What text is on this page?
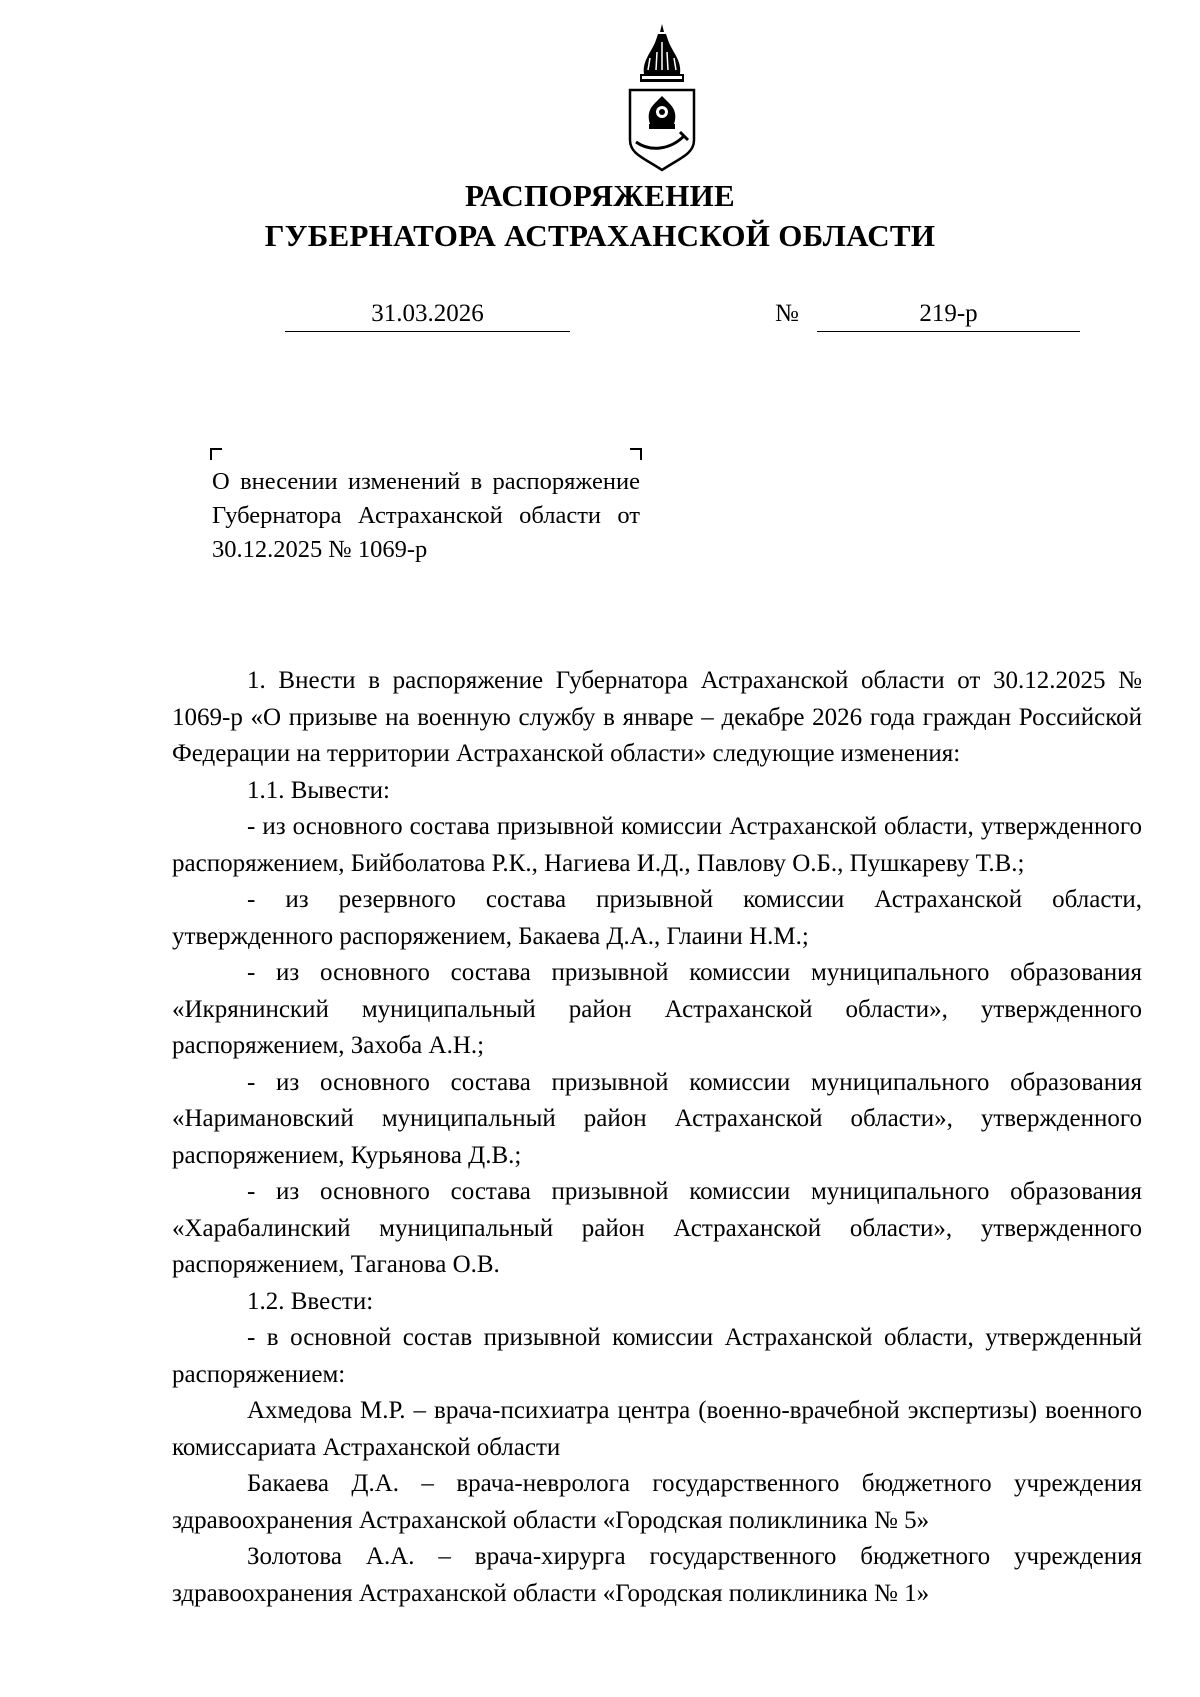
РАСПОРЯЖЕНИЕ
ГУБЕРНАТОРА АСТРАХАНСКОЙ ОБЛАСТИ
31.03.2026	№	219-р
О внесении изменений в распоряжение Губернатора Астраханской области от 30.12.2025 № 1069-р

1. Внести в распоряжение Губернатора Астраханской области от 30.12.2025 № 1069-р «О призыве на военную службу в январе – декабре 2026 года граждан Российской Федерации на территории Астраханской области» следующие изменения:

1.1. Вывести:

- из основного состава призывной комиссии Астраханской области, утвержденного распоряжением, Бийболатова Р.К., Нагиева И.Д., Павлову О.Б., Пушкареву Т.В.;

- из резервного состава призывной комиссии Астраханской области, утвержденного распоряжением, Бакаева Д.А., Глаини Н.М.;

- из основного состава призывной комиссии муниципального образования «Икрянинский муниципальный район Астраханской области», утвержденного распоряжением, Захоба А.Н.;

- из основного состава призывной комиссии муниципального образования «Наримановский муниципальный район Астраханской области», утвержденного распоряжением, Курьянова Д.В.;

- из основного состава призывной комиссии муниципального образования «Харабалинский муниципальный район Астраханской области», утвержденного распоряжением, Таганова О.В.

1.2. Ввести:

- в основной состав призывной комиссии Астраханской области, утвержденный распоряжением:

Ахмедова М.Р. – врача-психиатра центра (военно-врачебной экспертизы) военного комиссариата Астраханской области

Бакаева Д.А. – врача-невролога государственного бюджетного учреждения здравоохранения Астраханской области «Городская поликлиника № 5»

Золотова А.А. – врача-хирурга государственного бюджетного учреждения здравоохранения Астраханской области «Городская поликлиника № 1»
